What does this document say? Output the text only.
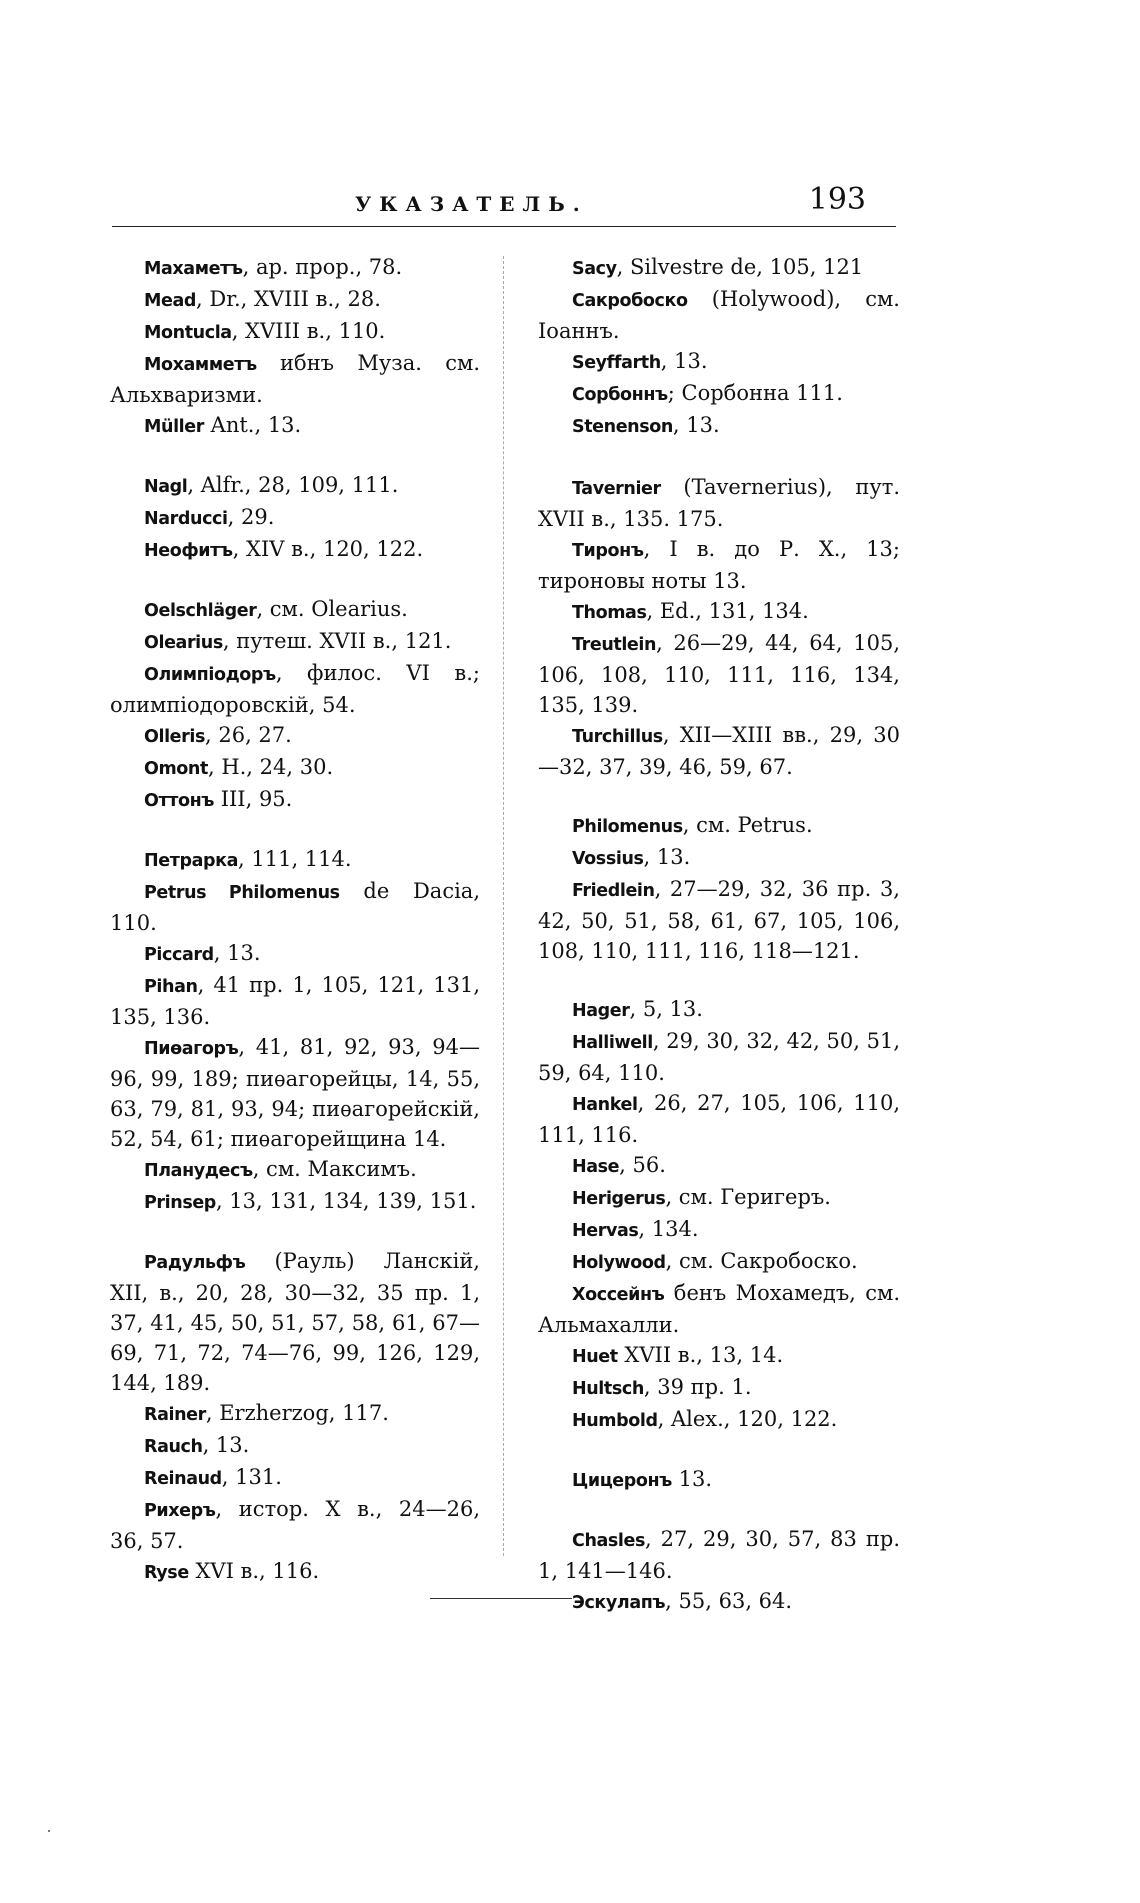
УКАЗАТЕЛЬ.	193

Махаметъ, ар. прор., 78.

Mead, Dr., XVIII в., 28.

Montucla, XVIII в., 110.

Мохамметъ ибнъ Муза. см. Альхваризми.

Müller Ant., 13.

Nagl, Alfr., 28, 109, 111.

Narducci, 29.

Неофитъ, XIV в., 120, 122.

Oelschläger, см. Olearius.

Olearius, путеш. XVII в., 121.

Олимпіодоръ, филос. VI в.; олимпіодоровскій, 54.

Olleris, 26, 27.

Omont, H., 24, 30.

Оттонъ III, 95.

Петрарка, 111, 114.

Petrus Philomenus de Dacia, 110.

Piccard, 13.

Pihan, 41 пр. 1, 105, 121, 131, 135, 136.

Пиѳагоръ, 41, 81, 92, 93, 94—96, 99, 189; пиѳагорейцы, 14, 55, 63, 79, 81, 93, 94; пиѳагорейскій, 52, 54, 61; пиѳагорейщина 14.

Планудесъ, см. Максимъ.

Prinsep, 13, 131, 134, 139, 151.

Радульфъ (Рауль) Ланскій, XII, в., 20, 28, 30—32, 35 пр. 1, 37, 41, 45, 50, 51, 57, 58, 61, 67—69, 71, 72, 74—76, 99, 126, 129, 144, 189.

Rainer, Erzherzog, 117.

Rauch, 13.

Reinaud, 131.

Рихеръ, истор. X в., 24—26, 36, 57.

Ryse XVI в., 116.

Sacy, Silvestre de, 105, 121

Сакробоско (Holywood), см. Іоаннъ.

Seyffarth, 13.

Сорбоннъ; Сорбонна 111.

Stenenson, 13.

Tavernier (Tavernerius), пут. XVII в., 135. 175.

Тиронъ, I в. до Р. Х., 13; тироновы ноты 13.

Thomas, Ed., 131, 134.

Treutlein, 26—29, 44, 64, 105, 106, 108, 110, 111, 116, 134, 135, 139.

Turchillus, XII—XIII вв., 29, 30—32, 37, 39, 46, 59, 67.

Philomenus, см. Petrus.

Vossius, 13.

Friedlein, 27—29, 32, 36 пр. 3, 42, 50, 51, 58, 61, 67, 105, 106, 108, 110, 111, 116, 118—121.

Hager, 5, 13.

Halliwell, 29, 30, 32, 42, 50, 51, 59, 64, 110.

Hankel, 26, 27, 105, 106, 110, 111, 116.

Hase, 56.

Herigerus, см. Геригеръ.

Hervas, 134.

Holywood, см. Сакробоско.

Хоссейнъ бенъ Мохамедъ, см. Альмахалли.

Huet XVII в., 13, 14.

Hultsch, 39 пр. 1.

Humbold, Alex., 120, 122.

Цицеронъ 13.

Chasles, 27, 29, 30, 57, 83 пр. 1, 141—146.

Эскулапъ, 55, 63, 64.
